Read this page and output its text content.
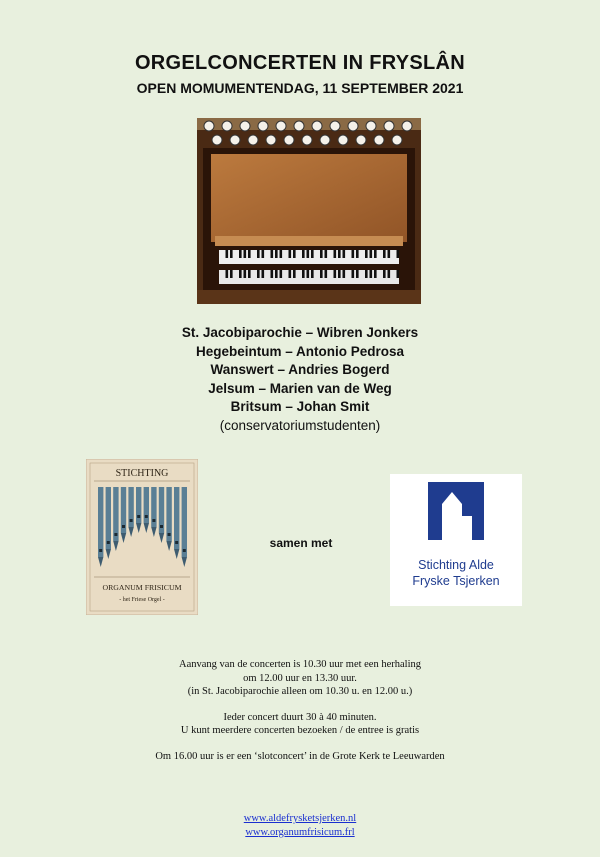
ORGELCONCERTEN IN FRYSLÂN
OPEN MOMUMENTENDAG, 11 SEPTEMBER 2021
St. Jacobiparochie – Wibren Jonkers
Hegebeintum – Antonio Pedrosa
Wanswert – Andries Bogerd
Jelsum – Marien van de Weg
Britsum – Johan Smit
(conservatoriumstudenten)
STICHTING
ORGANUM FRISICUM
- het Friese Orgel -
samen met
Stichting Alde
Fryske Tsjerken

Aanvang van de concerten is 10.30 uur met een herhaling

om 12.00 uur en 13.30 uur.

(in St. Jacobiparochie alleen om 10.30 u. en 12.00 u.)

Ieder concert duurt 30 à 40 minuten.

U kunt meerdere concerten bezoeken / de entree is gratis

Om 16.00 uur is er een ‘slotconcert’ in de Grote Kerk te Leeuwarden

www.aldefrysketsjerken.nl
www.organumfrisicum.frl
